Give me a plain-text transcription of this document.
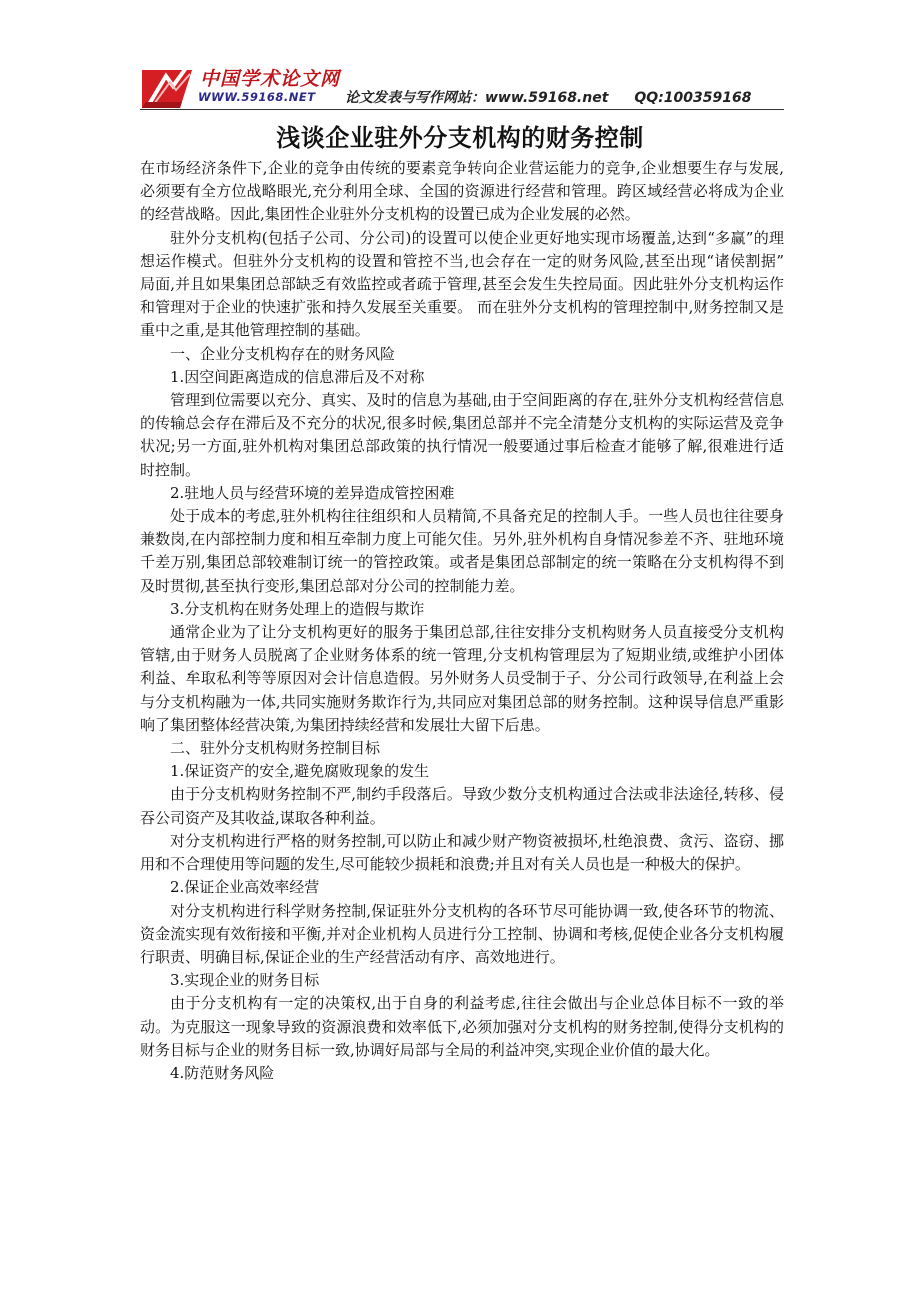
中国学术论文网
WWW.59168.NET 论文发表与写作网站：www.59168.net QQ:100359168
浅谈企业驻外分支机构的财务控制

在市场经济条件下,企业的竞争由传统的要素竞争转向企业营运能力的竞争,企业想要生存与发展,必须要有全方位战略眼光,充分利用全球、全国的资源进行经营和管理。跨区域经营必将成为企业的经营战略。因此,集团性企业驻外分支机构的设置已成为企业发展的必然。

驻外分支机构(包括子公司、分公司)的设置可以使企业更好地实现市场覆盖,达到“多赢”的理想运作模式。但驻外分支机构的设置和管控不当,也会存在一定的财务风险,甚至出现“诸侯割据” 局面,并且如果集团总部缺乏有效监控或者疏于管理,甚至会发生失控局面。因此驻外分支机构运作和管理对于企业的快速扩张和持久发展至关重要。 而在驻外分支机构的管理控制中,财务控制又是重中之重,是其他管理控制的基础。

一、企业分支机构存在的财务风险

1.因空间距离造成的信息滞后及不对称

管理到位需要以充分、真实、及时的信息为基础,由于空间距离的存在,驻外分支机构经营信息的传输总会存在滞后及不充分的状况,很多时候,集团总部并不完全清楚分支机构的实际运营及竞争状况;另一方面,驻外机构对集团总部政策的执行情况一般要通过事后检查才能够了解,很难进行适时控制。

2.驻地人员与经营环境的差异造成管控困难

处于成本的考虑,驻外机构往往组织和人员精简,不具备充足的控制人手。一些人员也往往要身兼数岗,在内部控制力度和相互牵制力度上可能欠佳。另外,驻外机构自身情况参差不齐、驻地环境千差万别,集团总部较难制订统一的管控政策。或者是集团总部制定的统一策略在分支机构得不到及时贯彻,甚至执行变形,集团总部对分公司的控制能力差。

3.分支机构在财务处理上的造假与欺诈

通常企业为了让分支机构更好的服务于集团总部,往往安排分支机构财务人员直接受分支机构管辖,由于财务人员脱离了企业财务体系的统一管理,分支机构管理层为了短期业绩,或维护小团体利益、牟取私利等等原因对会计信息造假。另外财务人员受制于子、分公司行政领导,在利益上会与分支机构融为一体,共同实施财务欺诈行为,共同应对集团总部的财务控制。这种误导信息严重影响了集团整体经营决策,为集团持续经营和发展壮大留下后患。

二、驻外分支机构财务控制目标

1.保证资产的安全,避免腐败现象的发生

由于分支机构财务控制不严,制约手段落后。导致少数分支机构通过合法或非法途径,转移、侵吞公司资产及其收益,谋取各种利益。

对分支机构进行严格的财务控制,可以防止和减少财产物资被损坏,杜绝浪费、贪污、盗窃、挪用和不合理使用等问题的发生,尽可能较少损耗和浪费;并且对有关人员也是一种极大的保护。

2.保证企业高效率经营

对分支机构进行科学财务控制,保证驻外分支机构的各环节尽可能协调一致,使各环节的物流、资金流实现有效衔接和平衡,并对企业机构人员进行分工控制、协调和考核,促使企业各分支机构履行职责、明确目标,保证企业的生产经营活动有序、高效地进行。

3.实现企业的财务目标

由于分支机构有一定的决策权,出于自身的利益考虑,往往会做出与企业总体目标不一致的举动。为克服这一现象导致的资源浪费和效率低下,必须加强对分支机构的财务控制,使得分支机构的财务目标与企业的财务目标一致,协调好局部与全局的利益冲突,实现企业价值的最大化。

4.防范财务风险
